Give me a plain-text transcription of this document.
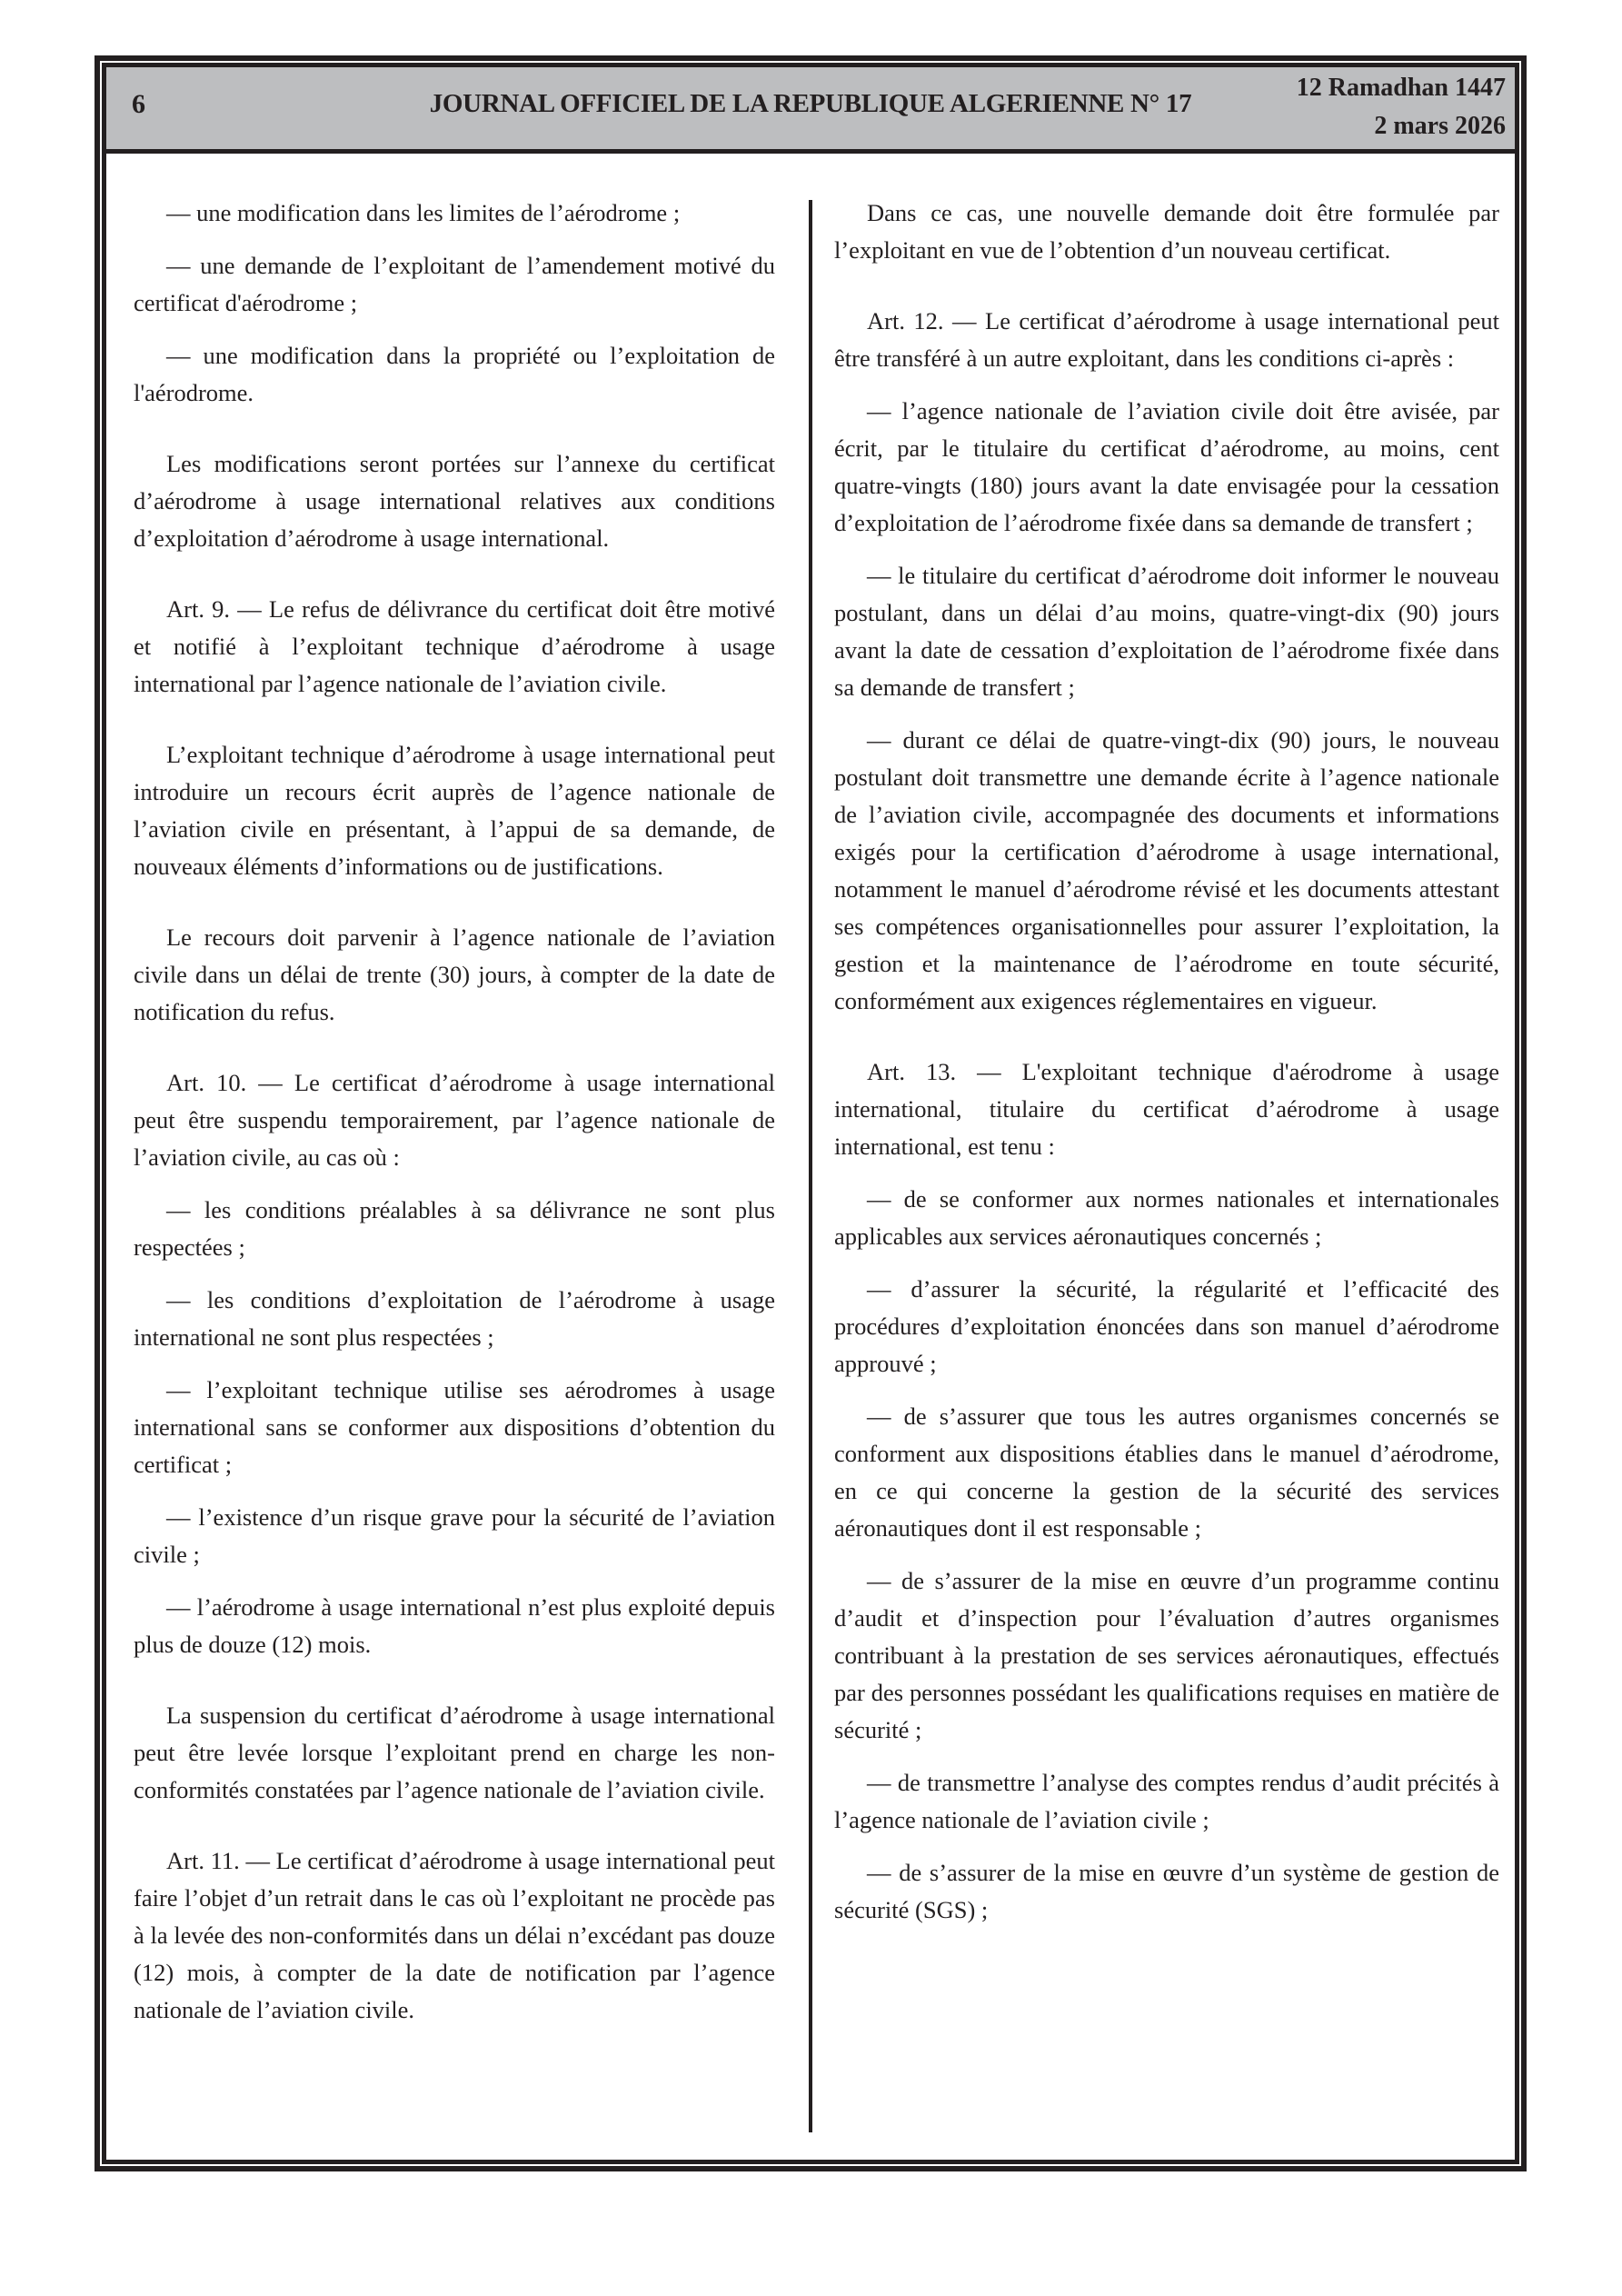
6	JOURNAL OFFICIEL DE LA REPUBLIQUE ALGERIENNE N° 17
12 Ramadhan 1447
2 mars 2026

— une modification dans les limites de l’aérodrome ;

— une demande de l’exploitant de l’amendement motivé du certificat d'aérodrome ;

— une modification dans la propriété ou l’exploitation de l'aérodrome.

Les modifications seront portées sur l’annexe du certificat d’aérodrome à usage international relatives aux conditions d’exploitation d’aérodrome à usage international.

Art. 9. — Le refus de délivrance du certificat doit être motivé et notifié à l’exploitant technique d’aérodrome à usage international par l’agence nationale de l’aviation civile.

L’exploitant technique d’aérodrome à usage international peut introduire un recours écrit auprès de l’agence nationale de l’aviation civile en présentant, à l’appui de sa demande, de nouveaux éléments d’informations ou de justifications.

Le recours doit parvenir à l’agence nationale de l’aviation civile dans un délai de trente (30) jours, à compter de la date de notification du refus.

Art. 10. — Le certificat d’aérodrome à usage international peut être suspendu temporairement, par l’agence nationale de l’aviation civile, au cas où :

— les conditions préalables à sa délivrance ne sont plus respectées ;

— les conditions d’exploitation de l’aérodrome à usage international ne sont plus respectées ;

— l’exploitant technique utilise ses aérodromes à usage international sans se conformer aux dispositions d’obtention du certificat ;

— l’existence d’un risque grave pour la sécurité de l’aviation civile ;

— l’aérodrome à usage international n’est plus exploité depuis plus de douze (12) mois.

La suspension du certificat d’aérodrome à usage international peut être levée lorsque l’exploitant prend en charge les non-conformités constatées par l’agence nationale de l’aviation civile.

Art. 11. — Le certificat d’aérodrome à usage international peut faire l’objet d’un retrait dans le cas où l’exploitant ne procède pas à la levée des non-conformités dans un délai n’excédant pas douze (12) mois, à compter de la date de notification par l’agence nationale de l’aviation civile.

Dans ce cas, une nouvelle demande doit être formulée par l’exploitant en vue de l’obtention d’un nouveau certificat.

Art. 12. — Le certificat d’aérodrome à usage international peut être transféré à un autre exploitant, dans les conditions ci-après :

— l’agence nationale de l’aviation civile doit être avisée, par écrit, par le titulaire du certificat d’aérodrome, au moins, cent quatre-vingts (180) jours avant la date envisagée pour la cessation d’exploitation de l’aérodrome fixée dans sa demande de transfert ;

— le titulaire du certificat d’aérodrome doit informer le nouveau postulant, dans un délai d’au moins, quatre-vingt-dix (90) jours avant la date de cessation d’exploitation de l’aérodrome fixée dans sa demande de transfert ;

— durant ce délai de quatre-vingt-dix (90) jours, le nouveau postulant doit transmettre une demande écrite à l’agence nationale de l’aviation civile, accompagnée des documents et informations exigés pour la certification d’aérodrome à usage international, notamment le manuel d’aérodrome révisé et les documents attestant ses compétences organisationnelles pour assurer l’exploitation, la gestion et la maintenance de l’aérodrome en toute sécurité, conformément aux exigences réglementaires en vigueur.

Art. 13. — L'exploitant technique d'aérodrome à usage international, titulaire du certificat d’aérodrome à usage international, est tenu :

— de se conformer aux normes nationales et internationales applicables aux services aéronautiques concernés ;

— d’assurer la sécurité, la régularité et l’efficacité des procédures d’exploitation énoncées dans son manuel d’aérodrome approuvé ;

— de s’assurer que tous les autres organismes concernés se conforment aux dispositions établies dans le manuel d’aérodrome, en ce qui concerne la gestion de la sécurité des services aéronautiques dont il est responsable ;

— de s’assurer de la mise en œuvre d’un programme continu d’audit et d’inspection pour l’évaluation d’autres organismes contribuant à la prestation de ses services aéronautiques, effectués par des personnes possédant les qualifications requises en matière de sécurité ;

— de transmettre l’analyse des comptes rendus d’audit précités à l’agence nationale de l’aviation civile ;

— de s’assurer de la mise en œuvre d’un système de gestion de sécurité (SGS) ;
